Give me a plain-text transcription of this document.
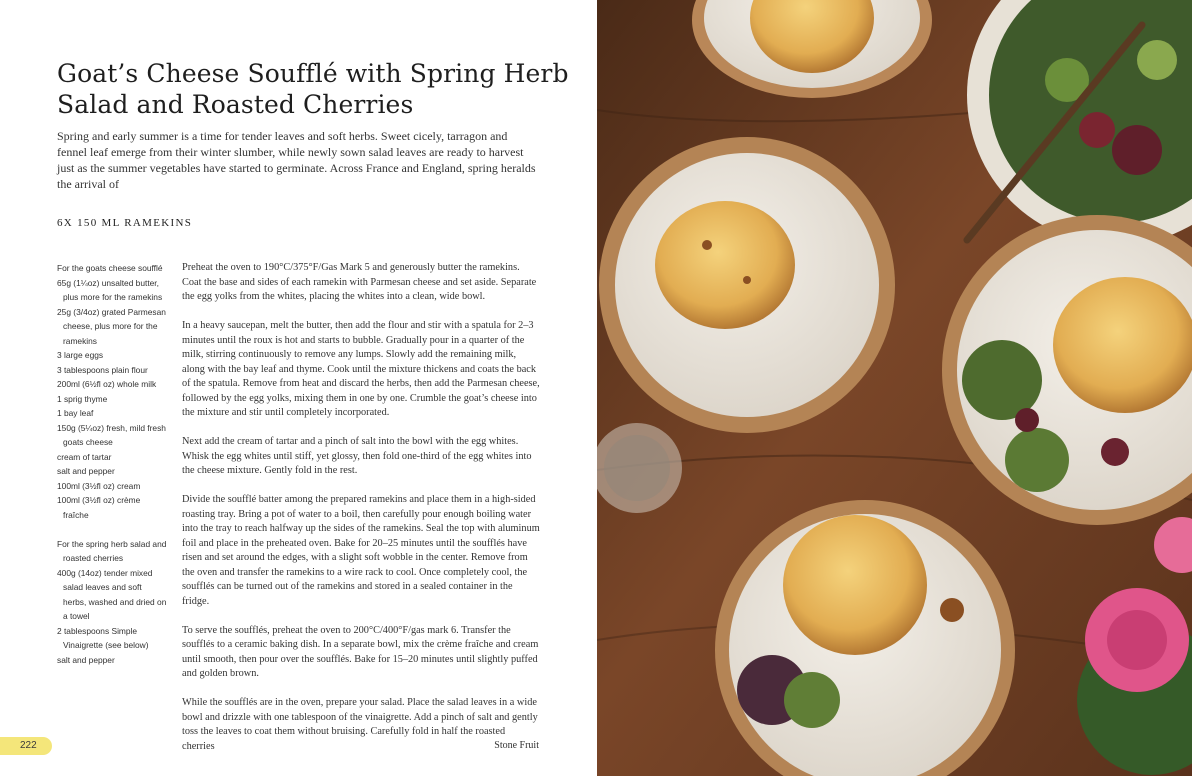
Goat’s Cheese Soufflé with Spring Herb Salad and Roasted Cherries

Spring and early summer is a time for tender leaves and soft herbs. Sweet cicely, tarragon and fennel leaf emerge from their winter slumber, while newly sown salad leaves are ready to harvest just as the summer vegetables have started to germinate. Across France and England, spring heralds the arrival of

6X 150 ML RAMEKINS
For the goats cheese soufflé
65g (1¼oz) unsalted butter, plus more for the ramekins
25g (3/4oz) grated Parmesan cheese, plus more for the ramekins
3 large eggs
3 tablespoons plain flour
200ml (6½fl oz) whole milk
1 sprig thyme
1 bay leaf
150g (5¼oz) fresh, mild fresh goats cheese
cream of tartar
salt and pepper
100ml (3½fl oz) cream
100ml (3½fl oz) crème fraîche
For the spring herb salad and roasted cherries
400g (14oz) tender mixed salad leaves and soft herbs, washed and dried on a towel
2 tablespoons Simple Vinaigrette (see below)
salt and pepper

Preheat the oven to 190°C/375°F/Gas Mark 5 and generously butter the ramekins. Coat the base and sides of each ramekin with Parmesan cheese and set aside. Separate the egg yolks from the whites, placing the whites into a clean, wide bowl.

In a heavy saucepan, melt the butter, then add the flour and stir with a spatula for 2–3 minutes until the roux is hot and starts to bubble. Gradually pour in a quarter of the milk, stirring continuously to remove any lumps. Slowly add the remaining milk, along with the bay leaf and thyme. Cook until the mixture thickens and coats the back of the spatula. Remove from heat and discard the herbs, then add the Parmesan cheese, followed by the egg yolks, mixing them in one by one. Crumble the goat’s cheese into the mixture and stir until completely incorporated.

Next add the cream of tartar and a pinch of salt into the bowl with the egg whites. Whisk the egg whites until stiff, yet glossy, then fold one-third of the egg whites into the cheese mixture. Gently fold in the rest.

Divide the soufflé batter among the prepared ramekins and place them in a high-sided roasting tray. Bring a pot of water to a boil, then carefully pour enough boiling water into the tray to reach halfway up the sides of the ramekins. Seal the top with aluminum foil and place in the preheated oven. Bake for 20–25 minutes until the soufflés have risen and set around the edges, with a slight soft wobble in the center. Remove from the oven and transfer the ramekins to a wire rack to cool. Once completely cool, the soufflés can be turned out of the ramekins and stored in a sealed container in the fridge.

To serve the soufflés, preheat the oven to 200°C/400°F/gas mark 6. Transfer the soufflés to a ceramic baking dish. In a separate bowl, mix the crème fraîche and cream until smooth, then pour over the soufflés. Bake for 15–20 minutes until slightly puffed and golden brown.

While the soufflés are in the oven, prepare your salad. Place the salad leaves in a wide bowl and drizzle with one tablespoon of the vinaigrette. Add a pinch of salt and gently toss the leaves to coat them without bruising. Carefully fold in half the roasted cherries

222	Stone Fruit
